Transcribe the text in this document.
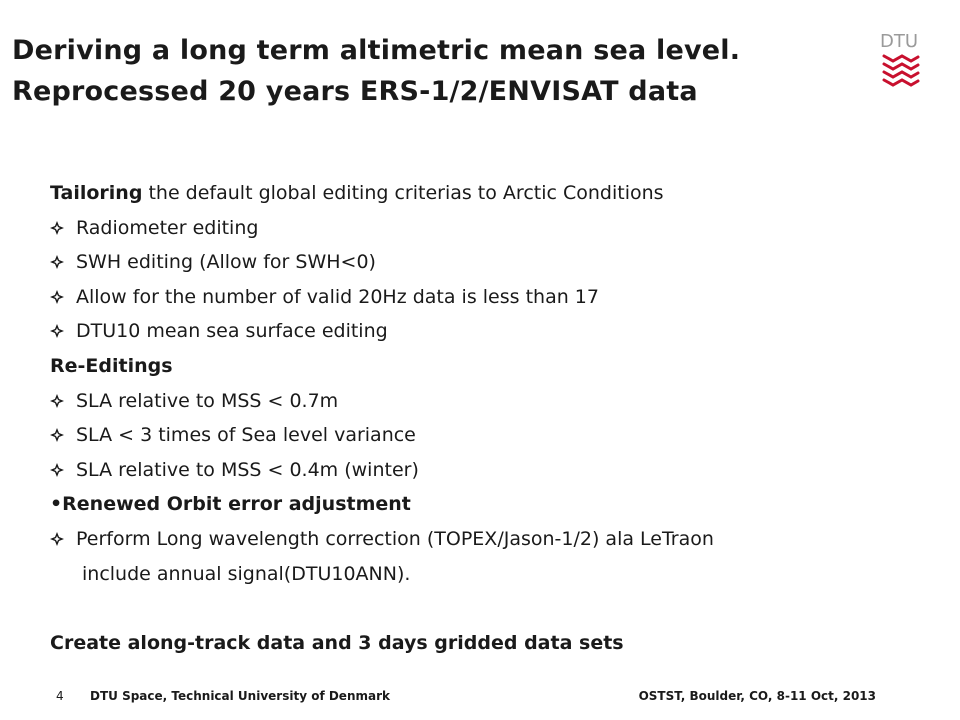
Deriving a long term altimetric mean sea level.
Reprocessed 20 years ERS-1/2/ENVISAT data
DTU
Tailoring the default global editing criterias to Arctic Conditions
Radiometer editing
SWH editing (Allow for SWH<0)
Allow for the number of valid 20Hz data is less than 17
DTU10 mean sea surface editing
Re-Editings
SLA relative to MSS < 0.7m
SLA < 3 times of Sea level variance
SLA relative to MSS < 0.4m (winter)
•Renewed Orbit error adjustment
Perform Long wavelength correction (TOPEX/Jason-1/2) ala LeTraon
include annual signal(DTU10ANN).
Create along-track data and 3 days gridded data sets
4 DTU Space, Technical University of Denmark	OSTST, Boulder, CO, 8-11 Oct, 2013
